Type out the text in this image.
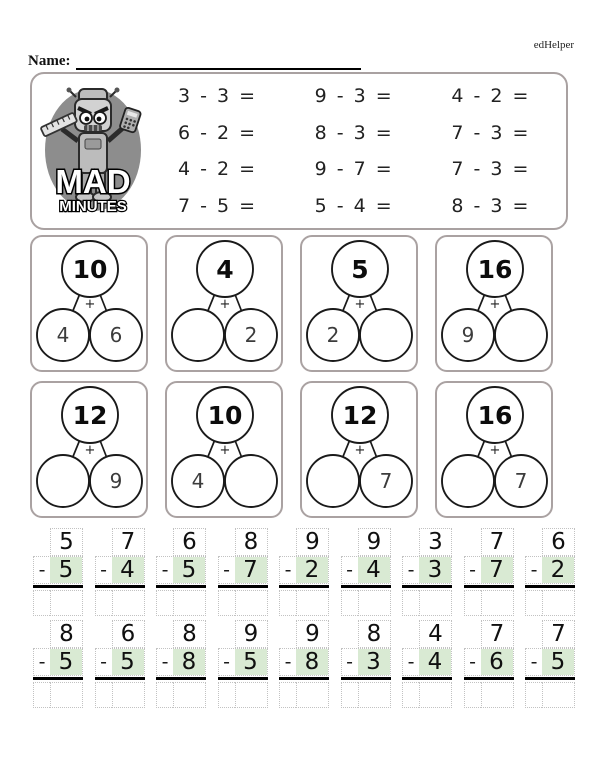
edHelper
Name:
MAD
MINUTES
3 - 3 =	9 - 3 =	4 - 2 =
6 - 2 =	8 - 3 =	7 - 3 =
4 - 2 =	9 - 7 =	7 - 3 =
7 - 5 =	5 - 4 =	8 - 3 =
+
10
4 6
+
4
2
+
5
2
+
16
9
+
12
9
+
10
4
+
12
7
+
16
7
5
- 5
7
- 4
6
- 5
8
- 7
9
- 2
9
- 4
3
- 3
7
- 7
6
- 2
8
- 5
6
- 5
8
- 8
9
- 5
9
- 8
8
- 3
4
- 4
7
- 6
7
- 5
